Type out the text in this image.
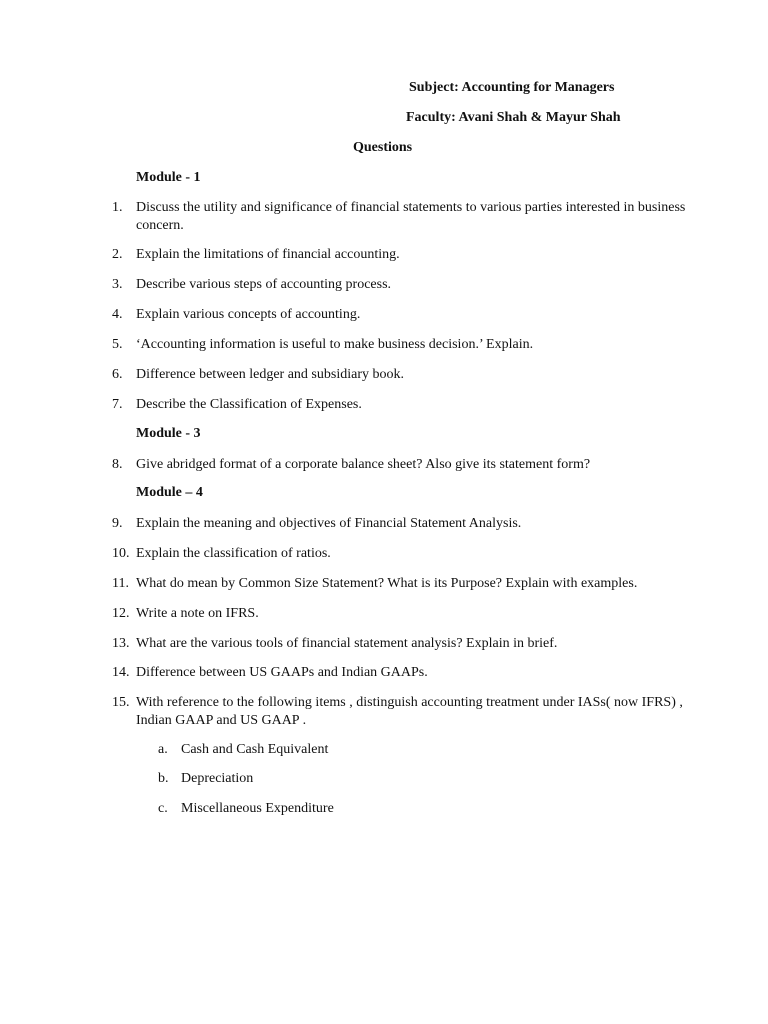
Subject: Accounting for Managers
Faculty: Avani Shah & Mayur Shah
Questions
Module - 1
1. Discuss the utility and significance of financial statements to various parties interested in business concern.
2. Explain the limitations of financial accounting.
3. Describe various steps of accounting process.
4. Explain various concepts of accounting.
5. ‘Accounting information is useful to make business decision.’ Explain.
6. Difference between ledger and subsidiary book.
7. Describe the Classification of Expenses.
Module - 3
8. Give abridged format of a corporate balance sheet? Also give its statement form?
Module – 4
9. Explain the meaning and objectives of Financial Statement Analysis.
10. Explain the classification of ratios.
11. What do mean by Common Size Statement? What is its Purpose? Explain with examples.
12. Write a note on IFRS.
13. What are the various tools of financial statement analysis? Explain in brief.
14. Difference between US GAAPs and Indian GAAPs.
15. With reference to the following items , distinguish accounting treatment under IASs( now IFRS) , Indian GAAP and US GAAP .
a. Cash and Cash Equivalent
b. Depreciation
c. Miscellaneous Expenditure
